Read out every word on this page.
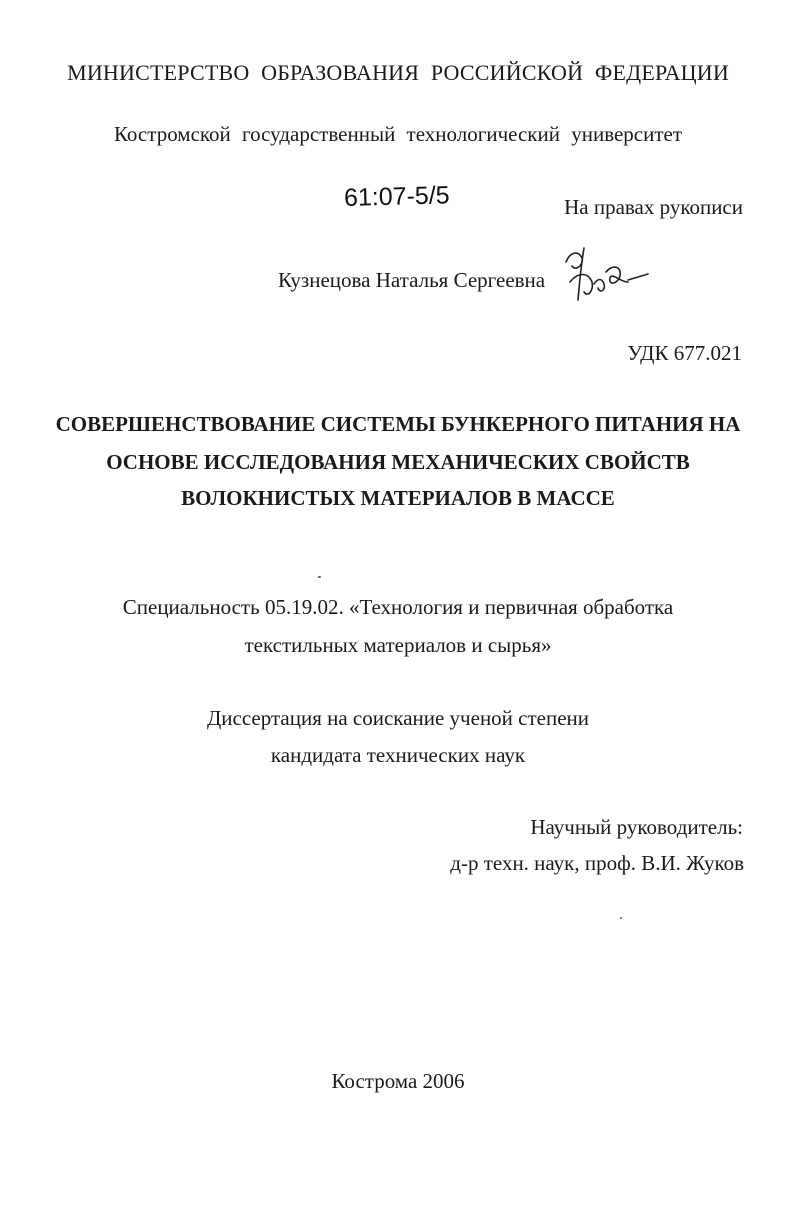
МИНИСТЕРСТВО ОБРАЗОВАНИЯ РОССИЙСКОЙ ФЕДЕРАЦИИ
Костромской государственный технологический университет
61:07-5/5	На правах рукописи
Кузнецова Наталья Сергеевна
УДК 677.021
СОВЕРШЕНСТВОВАНИЕ СИСТЕМЫ БУНКЕРНОГО ПИТАНИЯ НА
ОСНОВЕ ИССЛЕДОВАНИЯ МЕХАНИЧЕСКИХ СВОЙСТВ
ВОЛОКНИСТЫХ МАТЕРИАЛОВ В МАССЕ
Специальность 05.19.02. «Технология и первичная обработка
текстильных материалов и сырья»
Диссертация на соискание ученой степени
кандидата технических наук
Научный руководитель:
д-р техн. наук, проф. В.И. Жуков
Кострома 2006
